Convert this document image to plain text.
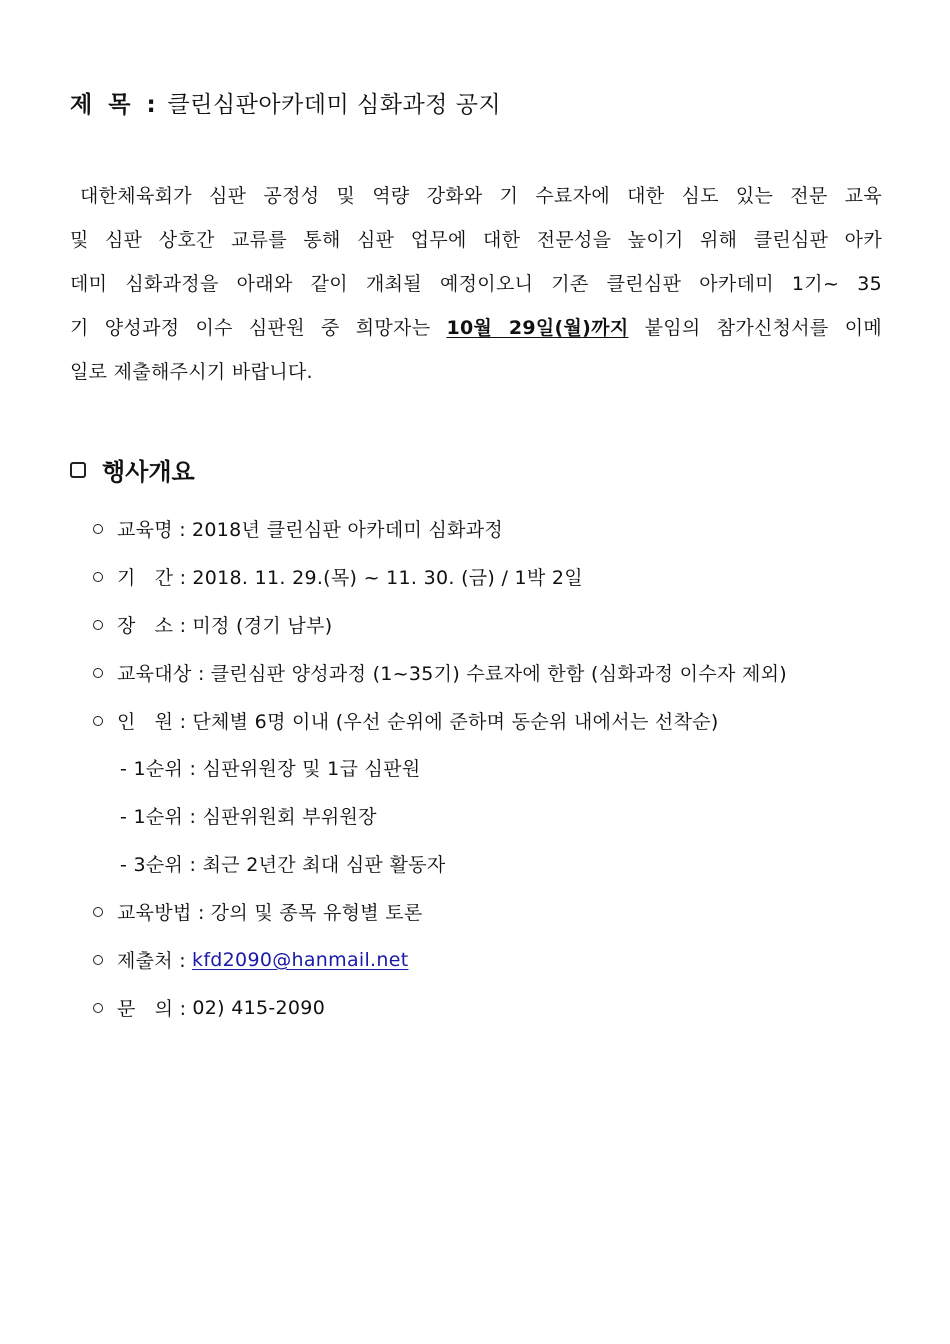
제 목 : 클린심판아카데미 심화과정 공지
대한체육회가 심판 공정성 및 역량 강화와 기 수료자에 대한 심도 있는 전문 교육
및 심판 상호간 교류를 통해 심판 업무에 대한 전문성을 높이기 위해 클린심판 아카
데미 심화과정을 아래와 같이 개최될 예정이오니 기존 클린심판 아카데미 1기~ 35
기 양성과정 이수 심판원 중 희망자는 10월 29일(월)까지 붙임의 참가신청서를 이메
일로 제출해주시기 바랍니다.
행사개요
교육명 : 2018년 클린심판 아카데미 심화과정
기   간 : 2018. 11. 29.(목) ~ 11. 30. (금) / 1박 2일
장   소 : 미정 (경기 남부)
교육대상 : 클린심판 양성과정 (1~35기) 수료자에 한함 (심화과정 이수자 제외)
인   원 : 단체별 6명 이내 (우선 순위에 준하며 동순위 내에서는 선착순)
- 1순위 : 심판위원장 및 1급 심판원
- 1순위 : 심판위원회 부위원장
- 3순위 : 최근 2년간 최대 심판 활동자
교육방법 : 강의 및 종목 유형별 토론
제출처 : kfd2090@hanmail.net
문   의 : 02) 415-2090
